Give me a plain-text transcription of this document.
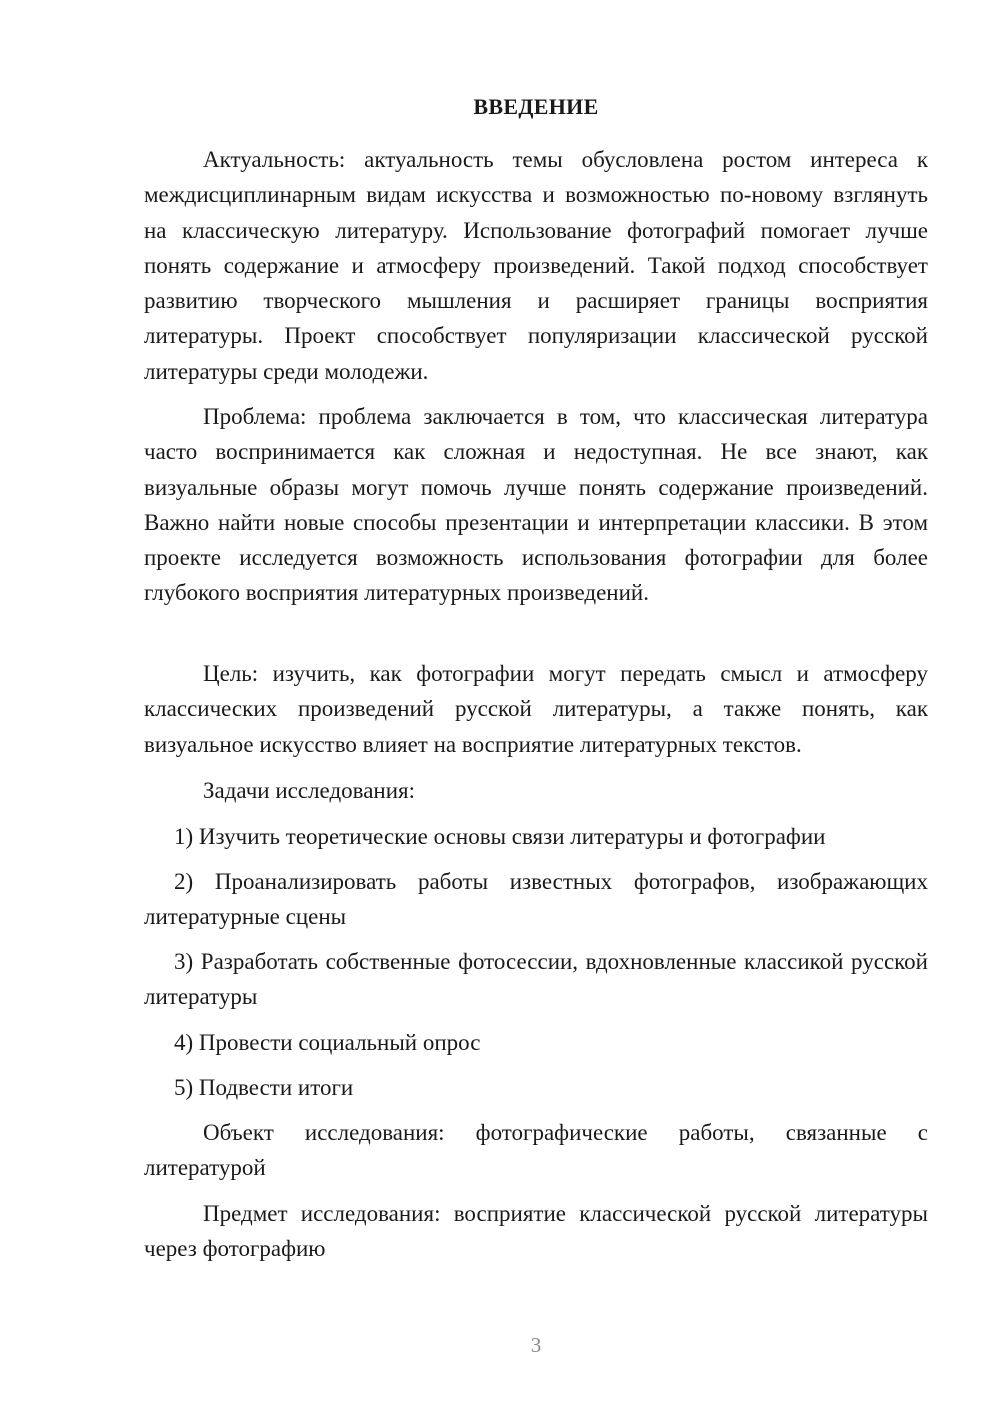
ВВЕДЕНИЕ

Актуальность: актуальность темы обусловлена ростом интереса к междисциплинарным видам искусства и возможностью по-новому взглянуть на классическую литературу. Использование фотографий помогает лучше понять содержание и атмосферу произведений. Такой подход способствует развитию творческого мышления и расширяет границы восприятия литературы. Проект способствует популяризации классической русской литературы среди молодежи.

Проблема: проблема заключается в том, что классическая литература часто воспринимается как сложная и недоступная. Не все знают, как визуальные образы могут помочь лучше понять содержание произведений. Важно найти новые способы презентации и интерпретации классики. В этом проекте исследуется возможность использования фотографии для более глубокого восприятия литературных произведений.

Цель: изучить, как фотографии могут передать смысл и атмосферу классических произведений русской литературы, а также понять, как визуальное искусство влияет на восприятие литературных текстов.

Задачи исследования:

1) Изучить теоретические основы связи литературы и фотографии

2) Проанализировать работы известных фотографов, изображающих литературные сцены

3) Разработать собственные фотосессии, вдохновленные классикой русской литературы

4) Провести социальный опрос

5) Подвести итоги

Объект исследования: фотографические работы, связанные с литературой

Предмет исследования: восприятие классической русской литературы через фотографию

3
